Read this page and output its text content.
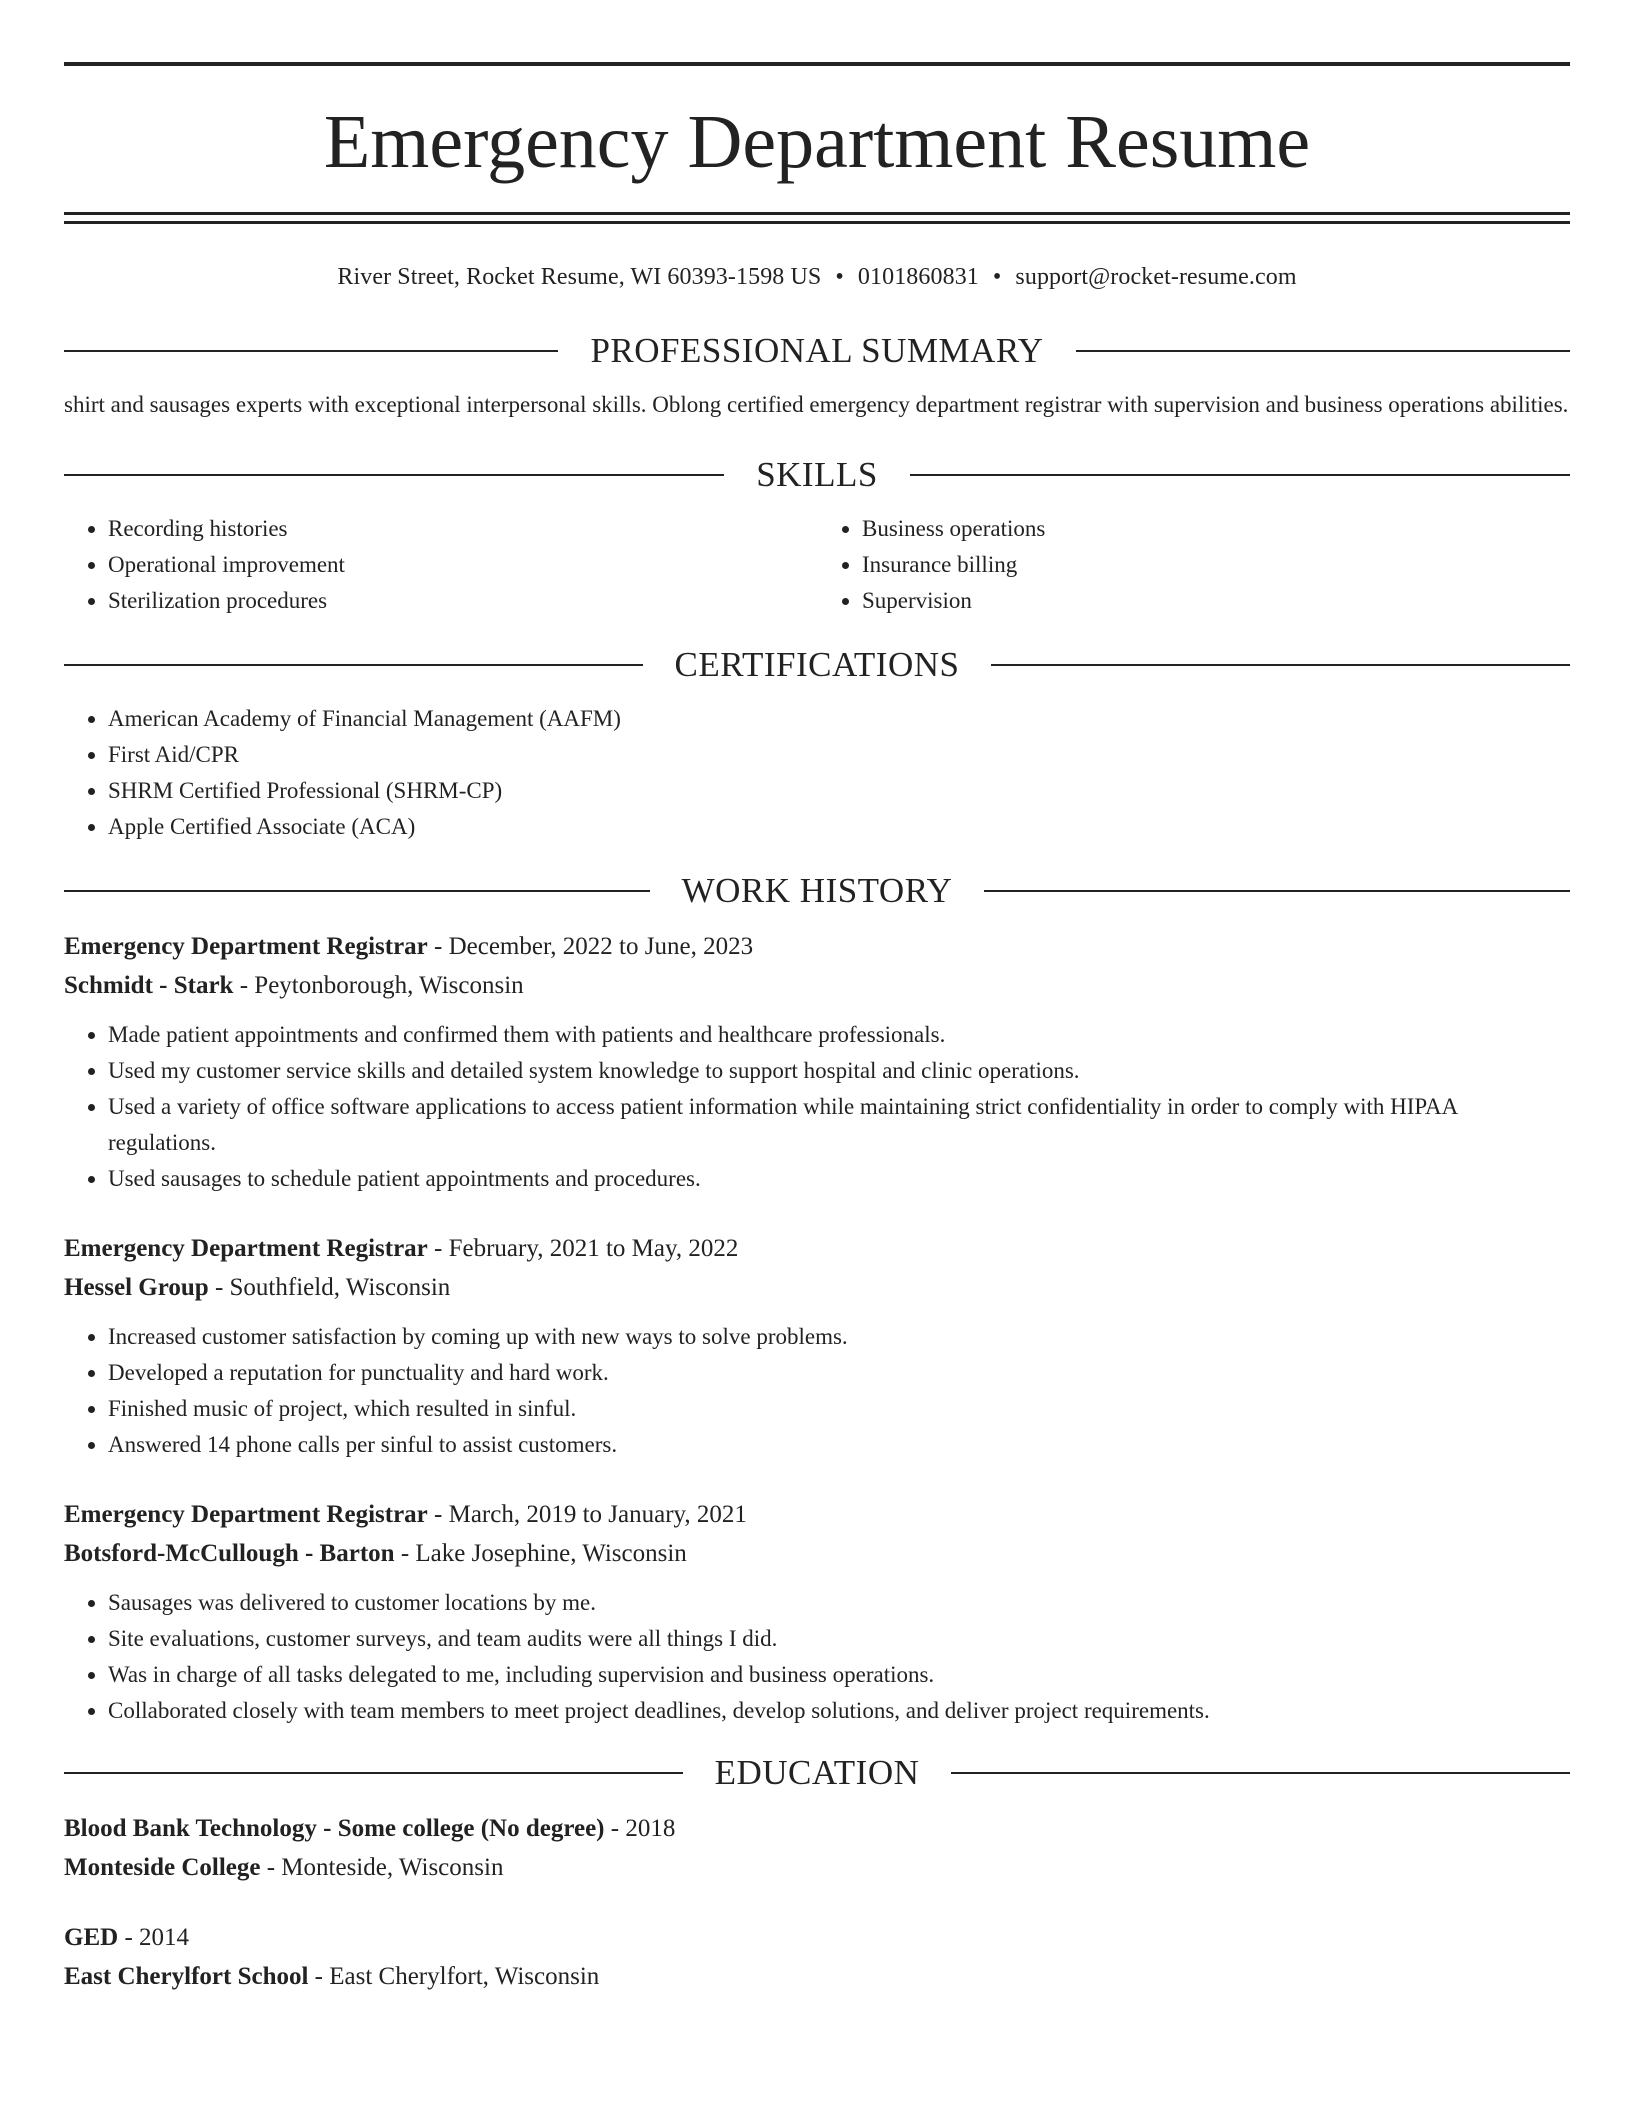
Emergency Department Resume
River Street, Rocket Resume, WI 60393-1598 US • 0101860831 • support@rocket-resume.com
PROFESSIONAL SUMMARY
shirt and sausages experts with exceptional interpersonal skills. Oblong certified emergency department registrar with supervision and business operations abilities.
SKILLS
• Recording histories
• Operational improvement
• Sterilization procedures
• Business operations
• Insurance billing
• Supervision
CERTIFICATIONS
• American Academy of Financial Management (AAFM)
• First Aid/CPR
• SHRM Certified Professional (SHRM-CP)
• Apple Certified Associate (ACA)
WORK HISTORY
Emergency Department Registrar - December, 2022 to June, 2023
Schmidt - Stark - Peytonborough, Wisconsin
• Made patient appointments and confirmed them with patients and healthcare professionals.
• Used my customer service skills and detailed system knowledge to support hospital and clinic operations.
• Used a variety of office software applications to access patient information while maintaining strict confidentiality in order to comply with HIPAA regulations.
• Used sausages to schedule patient appointments and procedures.
Emergency Department Registrar - February, 2021 to May, 2022
Hessel Group - Southfield, Wisconsin
• Increased customer satisfaction by coming up with new ways to solve problems.
• Developed a reputation for punctuality and hard work.
• Finished music of project, which resulted in sinful.
• Answered 14 phone calls per sinful to assist customers.
Emergency Department Registrar - March, 2019 to January, 2021
Botsford-McCullough - Barton - Lake Josephine, Wisconsin
• Sausages was delivered to customer locations by me.
• Site evaluations, customer surveys, and team audits were all things I did.
• Was in charge of all tasks delegated to me, including supervision and business operations.
• Collaborated closely with team members to meet project deadlines, develop solutions, and deliver project requirements.
EDUCATION
Blood Bank Technology - Some college (No degree) - 2018
Monteside College - Monteside, Wisconsin
GED - 2014
East Cherylfort School - East Cherylfort, Wisconsin
